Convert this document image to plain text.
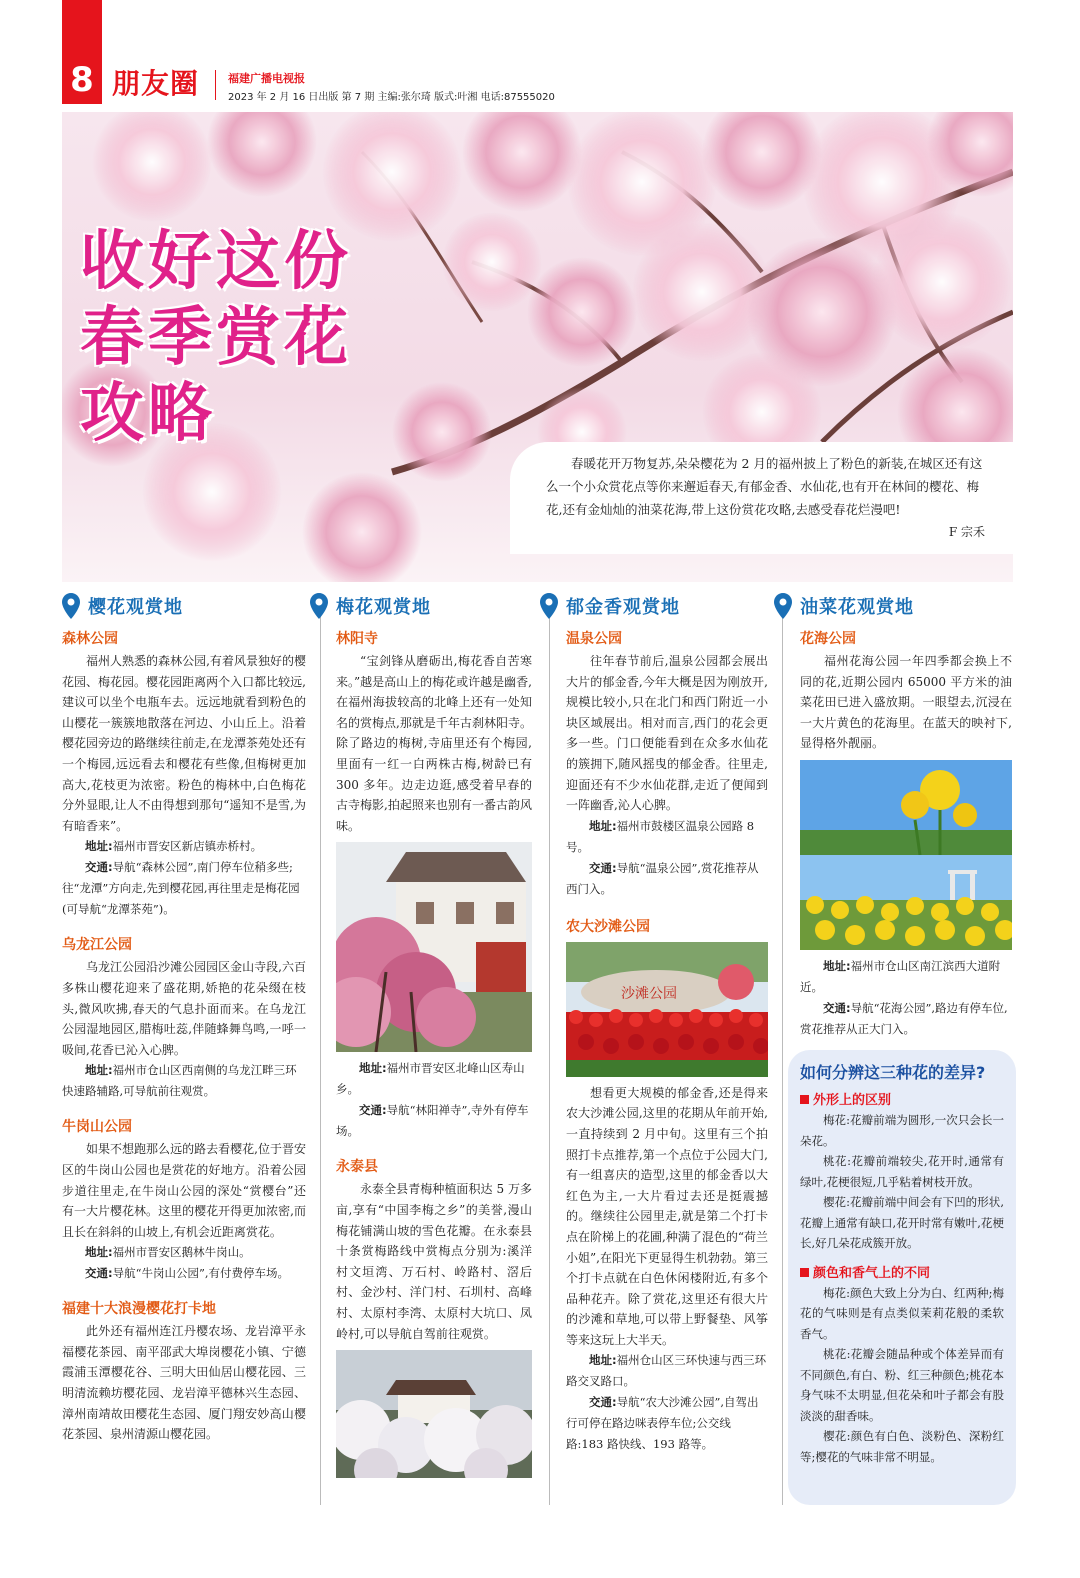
8 朋友圈	福建广播电视报
2023 年 2 月 16 日出版 第 7 期 主编:张尔琦 版式:叶湘 电话:87555020
收好这份
春季赏花
攻略

春暖花开万物复苏,朵朵樱花为 2 月的福州披上了粉色的新装,在城区还有这么一个小众赏花点等你来邂逅春天,有郁金香、水仙花,也有开在林间的樱花、梅花,还有金灿灿的油菜花海,带上这份赏花攻略,去感受春花烂漫吧!

F 宗禾
樱花观赏地
森林公园

福州人熟悉的森林公园,有着风景独好的樱花园、梅花园。樱花园距离两个入口都比较远,建议可以坐个电瓶车去。远远地就看到粉色的山樱花一簇簇地散落在河边、小山丘上。沿着樱花园旁边的路继续往前走,在龙潭茶苑处还有一个梅园,远远看去和樱花有些像,但梅树更加高大,花枝更为浓密。粉色的梅林中,白色梅花分外显眼,让人不由得想到那句“遥知不是雪,为有暗香来”。

地址:福州市晋安区新店镇赤桥村。

交通:导航“森林公园”,南门停车位稍多些;往“龙潭”方向走,先到樱花园,再往里走是梅花园(可导航“龙潭茶苑”)。

乌龙江公园

乌龙江公园沿沙滩公园园区金山寺段,六百多株山樱花迎来了盛花期,娇艳的花朵缀在枝头,微风吹拂,春天的气息扑面而来。在乌龙江公园湿地园区,腊梅吐蕊,伴随蜂舞鸟鸣,一呼一吸间,花香已沁入心脾。

地址:福州市仓山区西南侧的乌龙江畔三环快速路辅路,可导航前往观赏。

牛岗山公园

如果不想跑那么远的路去看樱花,位于晋安区的牛岗山公园也是赏花的好地方。沿着公园步道往里走,在牛岗山公园的深处“赏樱台”还有一大片樱花林。这里的樱花开得更加浓密,而且长在斜斜的山坡上,有机会近距离赏花。

地址:福州市晋安区鹅林牛岗山。

交通:导航“牛岗山公园”,有付费停车场。

福建十大浪漫樱花打卡地

此外还有福州连江丹樱农场、龙岩漳平永福樱花茶园、南平邵武大埠岗樱花小镇、宁德霞浦玉潭樱花谷、三明大田仙居山樱花园、三明清流赖坊樱花园、龙岩漳平德林兴生态园、漳州南靖故田樱花生态园、厦门翔安妙高山樱花茶园、泉州清源山樱花园。

梅花观赏地
林阳寺

“宝剑锋从磨砺出,梅花香自苦寒来。”越是高山上的梅花或许越是幽香,在福州海拔较高的北峰上还有一处知名的赏梅点,那就是千年古刹林阳寺。除了路边的梅树,寺庙里还有个梅园,里面有一红一白两株古梅,树龄已有 300 多年。边走边逛,感受着早春的古寺梅影,拍起照来也别有一番古韵风味。

地址:福州市晋安区北峰山区寿山乡。

交通:导航“林阳禅寺”,寺外有停车场。

永泰县

永泰全县青梅种植面积达 5 万多亩,享有“中国李梅之乡”的美誉,漫山梅花铺满山坡的雪色花瓣。在永泰县十条赏梅路线中赏梅点分别为:溪洋村文垣湾、万石村、岭路村、滘后村、金沙村、洋门村、石圳村、高峰村、太原村李湾、太原村大坑口、凤岭村,可以导航自驾前往观赏。

郁金香观赏地
温泉公园

往年春节前后,温泉公园都会展出大片的郁金香,今年大概是因为刚放开,规模比较小,只在北门和西门附近一小块区域展出。相对而言,西门的花会更多一些。门口便能看到在众多水仙花的簇拥下,随风摇曳的郁金香。往里走,迎面还有不少水仙花群,走近了便闻到一阵幽香,沁人心脾。

地址:福州市鼓楼区温泉公园路 8 号。

交通:导航“温泉公园”,赏花推荐从西门入。

农大沙滩公园
沙滩公园

想看更大规模的郁金香,还是得来农大沙滩公园,这里的花期从年前开始,一直持续到 2 月中旬。这里有三个拍照打卡点推荐,第一个点位于公园大门,有一组喜庆的造型,这里的郁金香以大红色为主,一大片看过去还是挺震撼的。继续往公园里走,就是第二个打卡点在阶梯上的花圃,种满了混色的“荷兰小姐”,在阳光下更显得生机勃勃。第三个打卡点就在白色休闲楼附近,有多个品种花卉。除了赏花,这里还有很大片的沙滩和草地,可以带上野餐垫、风筝等来这玩上大半天。

地址:福州仓山区三环快速与西三环路交叉路口。

交通:导航“农大沙滩公园”,自驾出行可停在路边咪表停车位;公交线路:183 路快线、193 路等。

油菜花观赏地
花海公园

福州花海公园一年四季都会换上不同的花,近期公园内 65000 平方米的油菜花田已进入盛放期。一眼望去,沉浸在一大片黄色的花海里。在蓝天的映衬下,显得格外靓丽。

地址:福州市仓山区南江滨西大道附近。

交通:导航“花海公园”,路边有停车位,赏花推荐从正大门入。

如何分辨这三种花的差异?
外形上的区别

梅花:花瓣前端为圆形,一次只会长一朵花。

桃花:花瓣前端较尖,花开时,通常有绿叶,花梗很短,几乎粘着树枝开放。

樱花:花瓣前端中间会有下凹的形状,花瓣上通常有缺口,花开时常有嫩叶,花梗长,好几朵花成簇开放。

颜色和香气上的不同

梅花:颜色大致上分为白、红两种;梅花的气味则是有点类似茉莉花般的柔软香气。

桃花:花瓣会随品种或个体差异而有不同颜色,有白、粉、红三种颜色;桃花本身气味不太明显,但花朵和叶子都会有股淡淡的甜香味。

樱花:颜色有白色、淡粉色、深粉红等;樱花的气味非常不明显。
